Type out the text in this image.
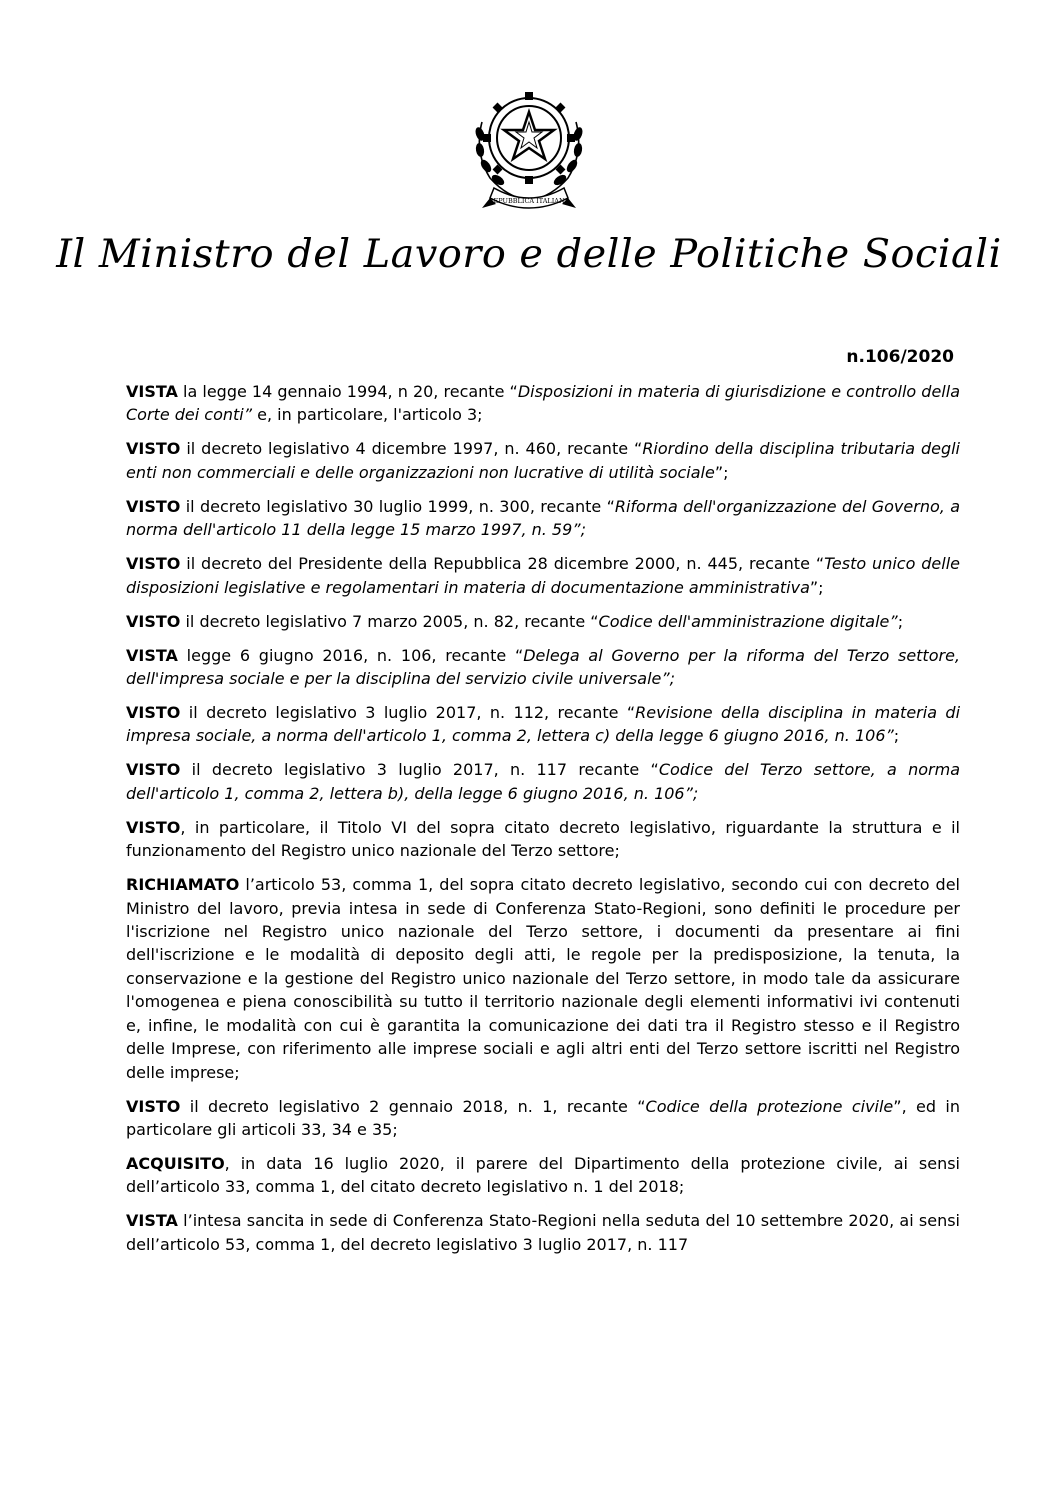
REPUBBLICA ITALIANA
Il Ministro del Lavoro e delle Politiche Sociali
n.106/2020

VISTA la legge 14 gennaio 1994, n 20, recante “Disposizioni in materia di giurisdizione e controllo della Corte dei conti” e, in particolare, l'articolo 3;

VISTO il decreto legislativo 4 dicembre 1997, n. 460, recante “Riordino della disciplina tributaria degli enti non commerciali e delle organizzazioni non lucrative di utilità sociale”;

VISTO il decreto legislativo 30 luglio 1999, n. 300, recante “Riforma dell'organizzazione del Governo, a norma dell'articolo 11 della legge 15 marzo 1997, n. 59”;

VISTO il decreto del Presidente della Repubblica 28 dicembre 2000, n. 445, recante “Testo unico delle disposizioni legislative e regolamentari in materia di documentazione amministrativa”;

VISTO il decreto legislativo 7 marzo 2005, n. 82, recante “Codice dell'amministrazione digitale”;

VISTA legge 6 giugno 2016, n. 106, recante “Delega al Governo per la riforma del Terzo settore, dell'impresa sociale e per la disciplina del servizio civile universale”;

VISTO il decreto legislativo 3 luglio 2017, n. 112, recante “Revisione della disciplina in materia di impresa sociale, a norma dell'articolo 1, comma 2, lettera c) della legge 6 giugno 2016, n. 106”;

VISTO il decreto legislativo 3 luglio 2017, n. 117 recante “Codice del Terzo settore, a norma dell'articolo 1, comma 2, lettera b), della legge 6 giugno 2016, n. 106”;

VISTO, in particolare, il Titolo VI del sopra citato decreto legislativo, riguardante la struttura e il funzionamento del Registro unico nazionale del Terzo settore;

RICHIAMATO l’articolo 53, comma 1, del sopra citato decreto legislativo, secondo cui con decreto del Ministro del lavoro, previa intesa in sede di Conferenza Stato-Regioni, sono definiti le procedure per l'iscrizione nel Registro unico nazionale del Terzo settore, i documenti da presentare ai fini dell'iscrizione e le modalità di deposito degli atti, le regole per la predisposizione, la tenuta, la conservazione e la gestione del Registro unico nazionale del Terzo settore, in modo tale da assicurare l'omogenea e piena conoscibilità su tutto il territorio nazionale degli elementi informativi ivi contenuti e, infine, le modalità con cui è garantita la comunicazione dei dati tra il Registro stesso e il Registro delle Imprese, con riferimento alle imprese sociali e agli altri enti del Terzo settore iscritti nel Registro delle imprese;

VISTO il decreto legislativo 2 gennaio 2018, n. 1, recante “Codice della protezione civile”, ed in particolare gli articoli 33, 34 e 35;

ACQUISITO, in data 16 luglio 2020, il parere del Dipartimento della protezione civile, ai sensi dell’articolo 33, comma 1, del citato decreto legislativo n. 1 del 2018;

VISTA l’intesa sancita in sede di Conferenza Stato-Regioni nella seduta del 10 settembre 2020, ai sensi dell’articolo 53, comma 1, del decreto legislativo 3 luglio 2017, n. 117
